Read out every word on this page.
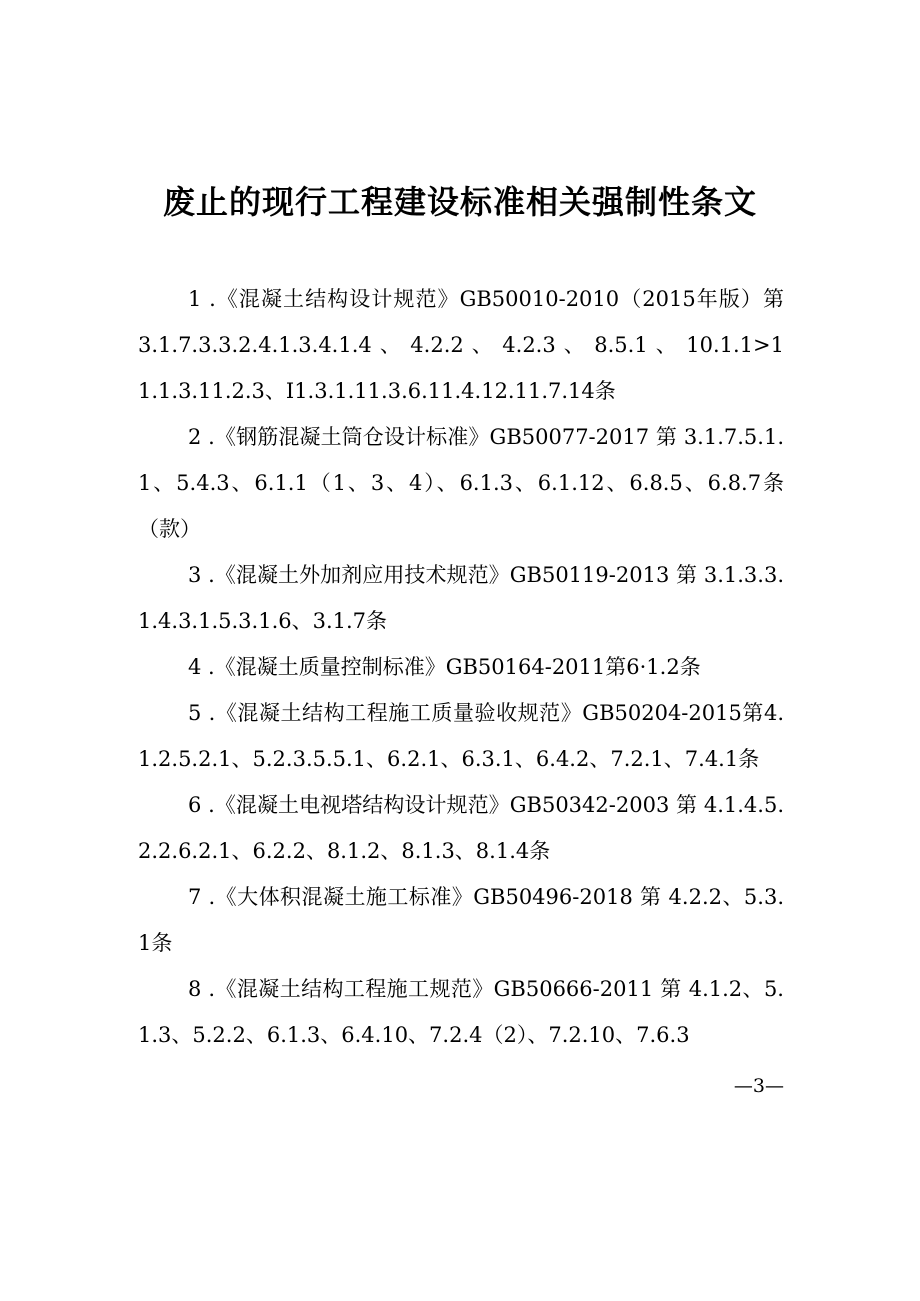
废止的现行工程建设标准相关强制性条文

1 .《混凝土结构设计规范》GB50010-2010（2015年版）第 3.1.7.3.3.2.4.1.3.4.1.4 、 4.2.2 、 4.2.3 、 8.5.1 、 10.1.1>11.1.3.11.2.3、I1.3.1.11.3.6.11.4.12.11.7.14条

2 .《钢筋混凝土筒仓设计标准》GB50077-2017 第 3.1.7.5.1.1、5.4.3、6.1.1（1、3、4）、6.1.3、6.1.12、6.8.5、6.8.7条（款）

3 .《混凝土外加剂应用技术规范》GB50119-2013 第 3.1.3.3.1.4.3.1.5.3.1.6、3.1.7条

4 .《混凝土质量控制标准》GB50164-2011第6·1.2条

5 .《混凝土结构工程施工质量验收规范》GB50204-2015第4.1.2.5.2.1、5.2.3.5.5.1、6.2.1、6.3.1、6.4.2、7.2.1、7.4.1条

6 .《混凝土电视塔结构设计规范》GB50342-2003 第 4.1.4.5.2.2.6.2.1、6.2.2、8.1.2、8.1.3、8.1.4条

7 .《大体积混凝土施工标准》GB50496-2018 第 4.2.2、5.3.1条

8 .《混凝土结构工程施工规范》GB50666-2011 第 4.1.2、5.1.3、5.2.2、6.1.3、6.4.10、7.2.4（2）、7.2.10、7.6.3

—3—
